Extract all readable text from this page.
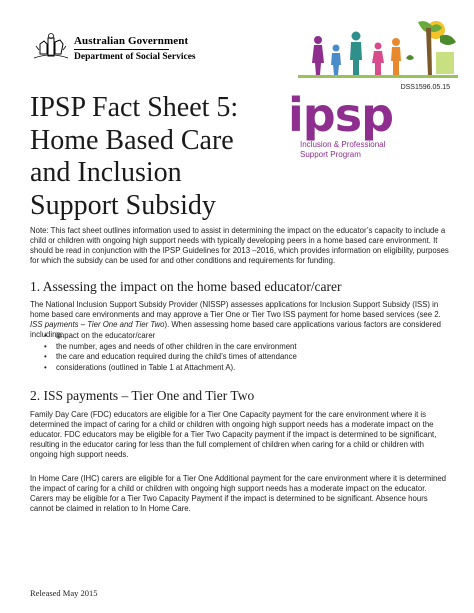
Australian Government
Department of Social Services
DSS1596.05.15
IPSP Fact Sheet 5:
Home Based Care
and Inclusion
Support Subsidy
ipsp
Inclusion & Professional
Support Program
Note: This fact sheet outlines information used to assist in determining the impact on the educator’s capacity to include a child or children with ongoing high support needs with typically developing peers in a home based care environment. It should be read in conjunction with the IPSP Guidelines for 2013 –2016, which provides information on eligibility, purposes for which the subsidy can be used for and other conditions and requirements for funding.
1. Assessing the impact on the home based educator/carer
The National Inclusion Support Subsidy Provider (NISSP) assesses applications for Inclusion Support Subsidy (ISS) in home based care environments and may approve a Tier One or Tier Two ISS payment for home based services (see 2. ISS payments – Tier One and Tier Two). When assessing home based care applications various factors are considered including:
• impact on the educator/carer
• the number, ages and needs of other children in the care environment
• the care and education required during the child’s times of attendance
• considerations (outlined in Table 1 at Attachment A).
2. ISS payments – Tier One and Tier Two
Family Day Care (FDC) educators are eligible for a Tier One Capacity payment for the care environment where it is determined the impact of caring for a child or children with ongoing high support needs has a moderate impact on the educator. FDC educators may be eligible for a Tier Two Capacity payment if the impact is determined to be significant, resulting in the educator caring for less than the full complement of children when caring for a child or children with ongoing high support needs.
In Home Care (IHC) carers are eligible for a Tier One Additional payment for the care environment where it is determined the impact of caring for a child or children with ongoing high support needs has a moderate impact on the educator. Carers may be eligible for a Tier Two Capacity Payment if the impact is determined to be significant. Absence hours cannot be claimed in relation to In Home Care.
Released May 2015
